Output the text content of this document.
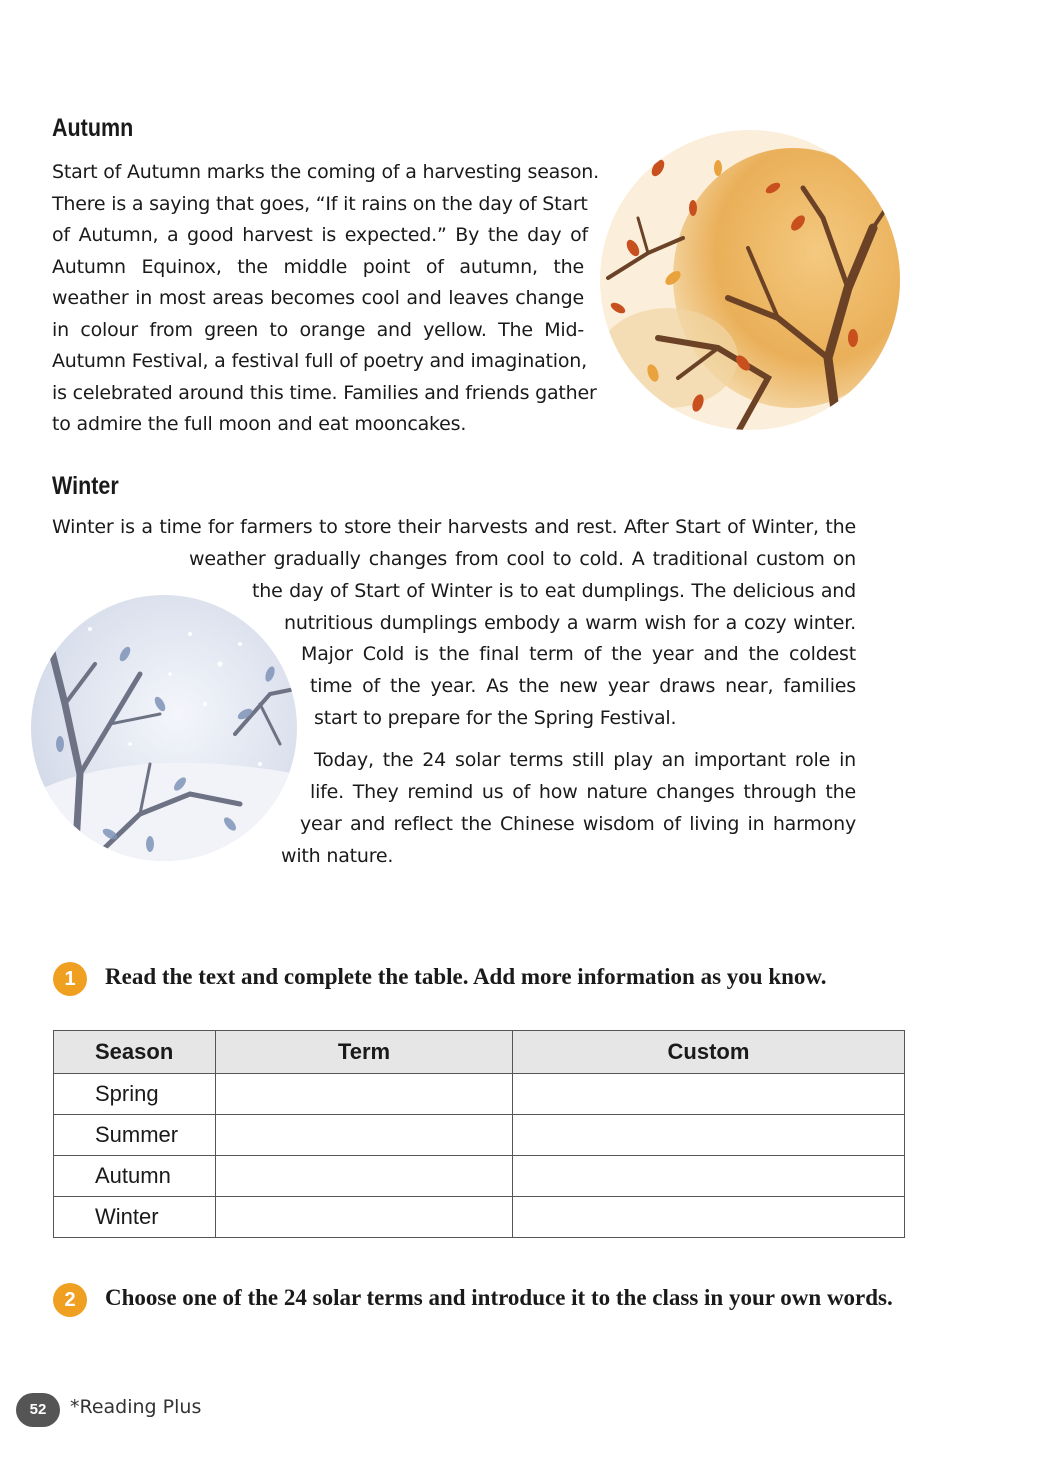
Autumn
Start of Autumn marks the coming of a harvesting season.
There is a saying that goes, “If it rains on the day of Start
of Autumn, a good harvest is expected.” By the day of
Autumn Equinox, the middle point of autumn, the
weather in most areas becomes cool and leaves change
in colour from green to orange and yellow. The Mid-
Autumn Festival, a festival full of poetry and imagination,
is celebrated around this time. Families and friends gather
to admire the full moon and eat mooncakes.
Winter
Winter is a time for farmers to store their harvests and rest. After Start of Winter, the
weather gradually changes from cool to cold. A traditional custom on
the day of Start of Winter is to eat dumplings. The delicious and
nutritious dumplings embody a warm wish for a cozy winter.
Major Cold is the final term of the year and the coldest
time of the year. As the new year draws near, families
start to prepare for the Spring Festival.
Today, the 24 solar terms still play an important role in
life. They remind us of how nature changes through the
year and reflect the Chinese wisdom of living in harmony
with nature.
1	Read the text and complete the table. Add more information as you know.

Season	Term	Custom
Spring		
Summer		
Autumn		
Winter		
2	Choose one of the 24 solar terms and introduce it to the class in your own words.

52	*Reading Plus
